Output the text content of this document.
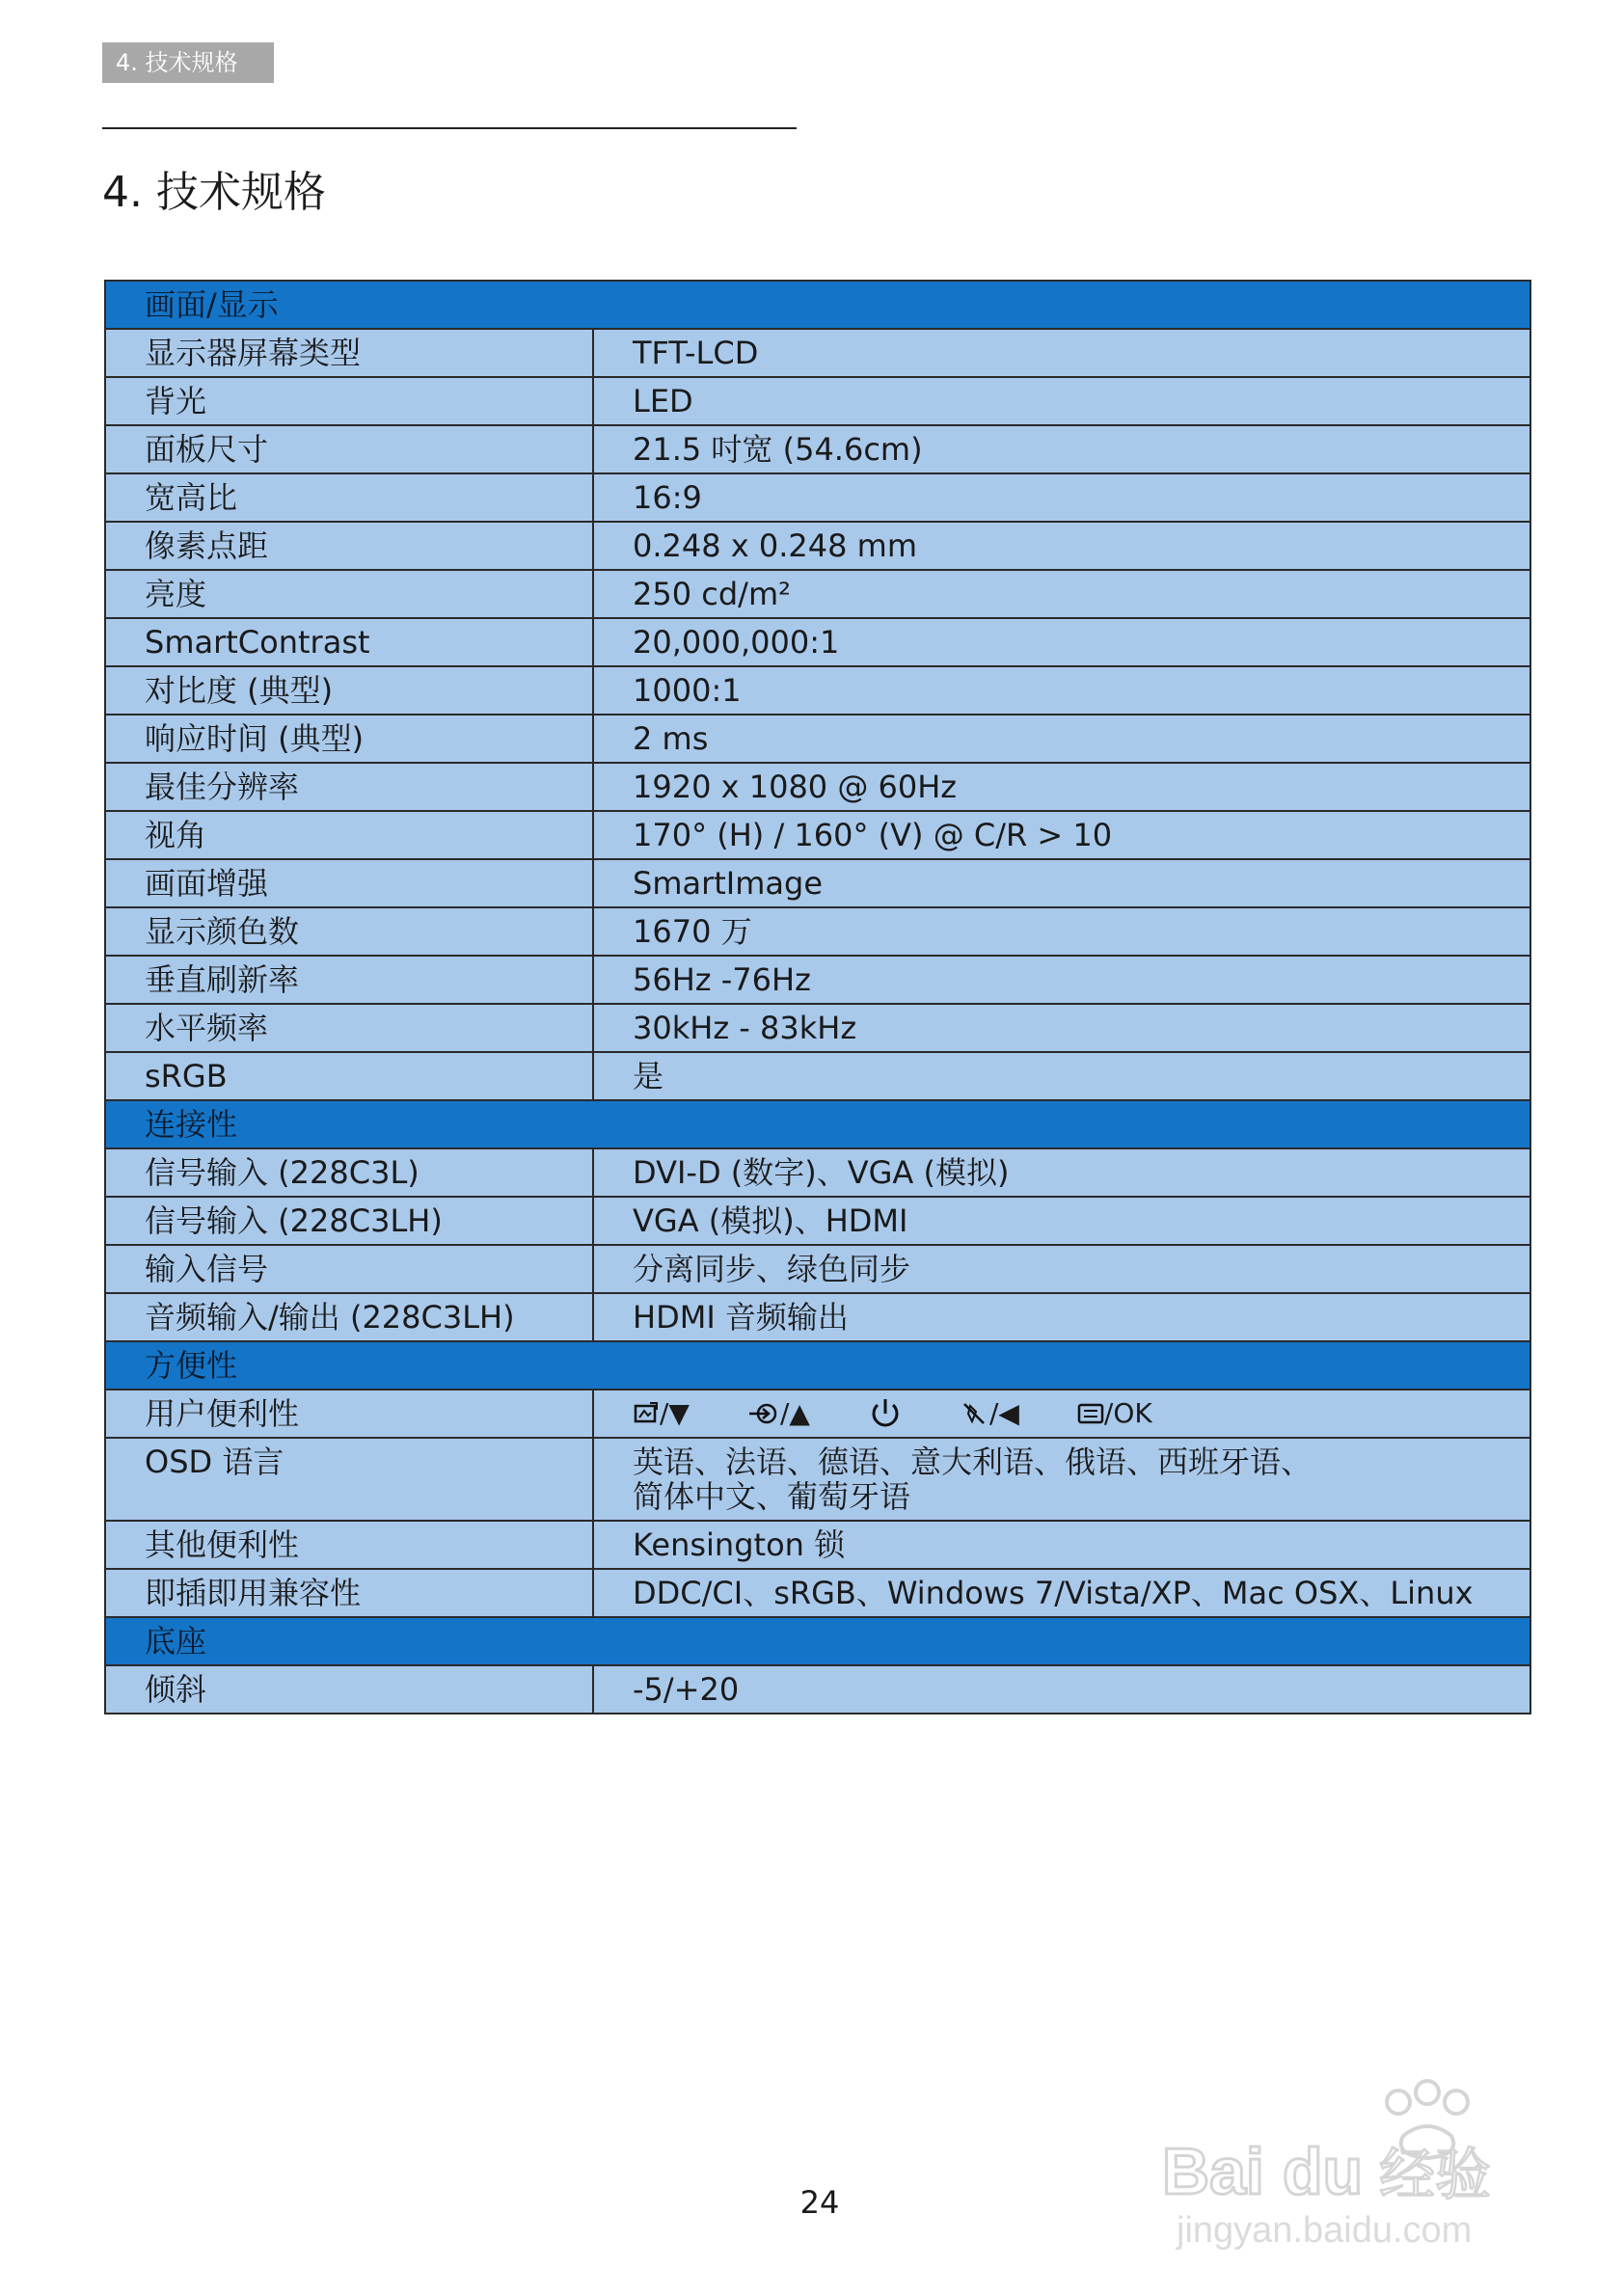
4. 技术规格
4. 技术规格
画面/显示	
显示器屏幕类型	TFT-LCD
背光	LED
面板尺寸	21.5 吋宽 (54.6cm)
宽高比	16:9
像素点距	0.248 x 0.248 mm
亮度	250 cd/m²
SmartContrast	20,000,000:1
对比度 (典型)	1000:1
响应时间 (典型)	2 ms
最佳分辨率	1920 x 1080 @ 60Hz
视角	170° (H) / 160° (V) @ C/R > 10
画面增强	SmartImage
显示颜色数	1670 万
垂直刷新率	56Hz -76Hz
水平频率	30kHz - 83kHz
sRGB	是
连接性	
信号输入 (228C3L)	DVI-D (数字)、VGA (模拟)
信号输入 (228C3LH)	VGA (模拟)、HDMI
输入信号	分离同步、绿色同步
音频输入/输出 (228C3LH)	HDMI 音频输出
方便性	
用户便利性	/▼ /▲ /◀ /OK

OSD 语言	英语、法语、德语、意大利语、俄语、西班牙语、
简体中文、葡萄牙语

其他便利性	Kensington 锁
即插即用兼容性	DDC/CI、sRGB、Windows 7/Vista/XP、Mac OSX、Linux
底座	
倾斜	-5/+20
24	Bai du 经验
jingyan.baidu.com
